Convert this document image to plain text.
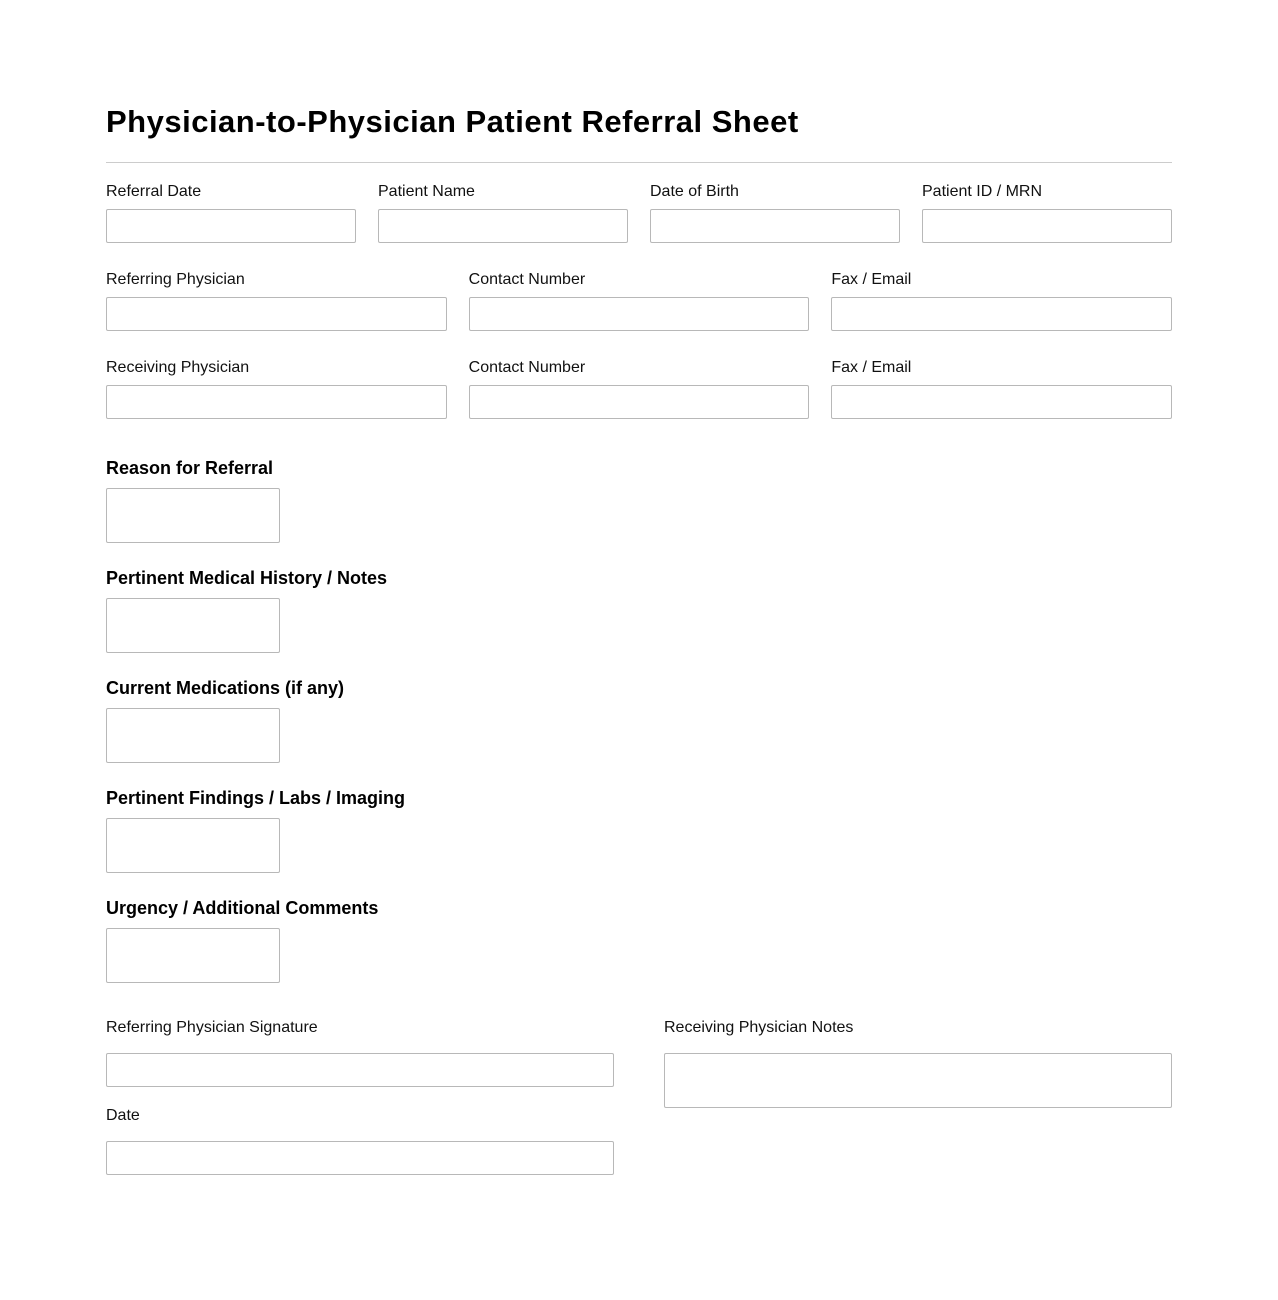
Physician-to-Physician Patient Referral Sheet
Referral Date	Patient Name	Date of Birth	Patient ID / MRN
Referring Physician	Contact Number	Fax / Email
Receiving Physician	Contact Number	Fax / Email
Reason for Referral
Pertinent Medical History / Notes
Current Medications (if any)
Pertinent Findings / Labs / Imaging
Urgency / Additional Comments
Referring Physician Signature
Date
Receiving Physician Notes
